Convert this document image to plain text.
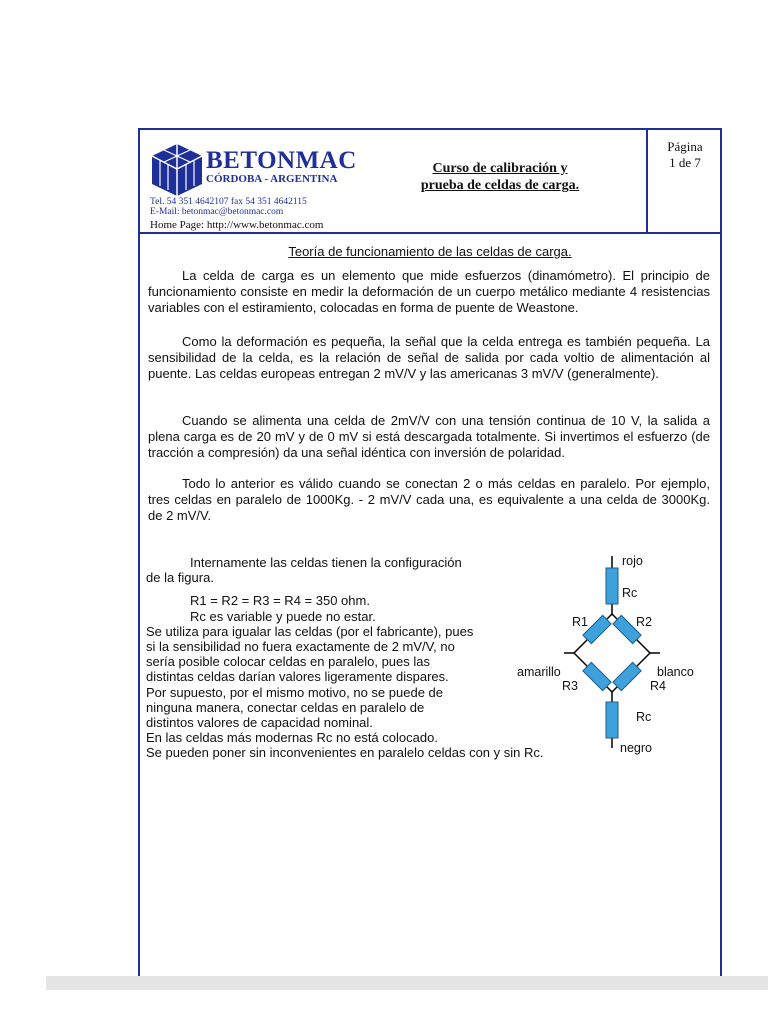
BETONMAC
CÓRDOBA - ARGENTINA
Tel. 54 351 4642107 fax 54 351 4642115
E-Mail: betonmac@betonmac.com
Home Page: http://www.betonmac.com
Curso de calibración y
prueba de celdas de carga.
Página
1 de 7
Teoría de funcionamiento de las celdas de carga.

La celda de carga es un elemento que mide esfuerzos (dinamómetro). El principio de funcionamiento consiste en medir la deformación de un cuerpo metálico mediante 4 resistencias variables con el estiramiento, colocadas en forma de puente de Weastone.

Como la deformación es pequeña, la señal que la celda entrega es también pequeña. La sensibilidad de la celda, es la relación de señal de salida por cada voltio de alimentación al puente. Las celdas europeas entregan 2 mV/V y las americanas 3 mV/V (generalmente).

Cuando se alimenta una celda de 2mV/V con una tensión continua de 10 V, la salida a plena carga es de 20 mV y de 0 mV si está descargada totalmente. Si invertimos el esfuerzo (de tracción a compresión) da una señal idéntica con inversión de polaridad.

Todo lo anterior es válido cuando se conectan 2 o más celdas en paralelo. Por ejemplo, tres celdas en paralelo de 1000Kg. - 2 mV/V cada una, es equivalente a una celda de 3000Kg. de 2 mV/V.

Internamente las celdas tienen la configuración
de la figura.
R1 = R2 = R3 = R4 = 350 ohm.
Rc es variable y puede no estar.
Se utiliza para igualar las celdas (por el fabricante), pues
si la sensibilidad no fuera exactamente de 2 mV/V, no
sería posible colocar celdas en paralelo, pues las
distintas celdas darían valores ligeramente dispares.
Por supuesto, por el mismo motivo, no se puede de
ninguna manera, conectar celdas en paralelo de
distintos valores de capacidad nominal.
En las celdas más modernas Rc no está colocado.
Se pueden poner sin inconvenientes en paralelo celdas con y sin Rc.
rojo
Rc
R1	R2
amarillo	blanco
R3	R4
Rc
negro
